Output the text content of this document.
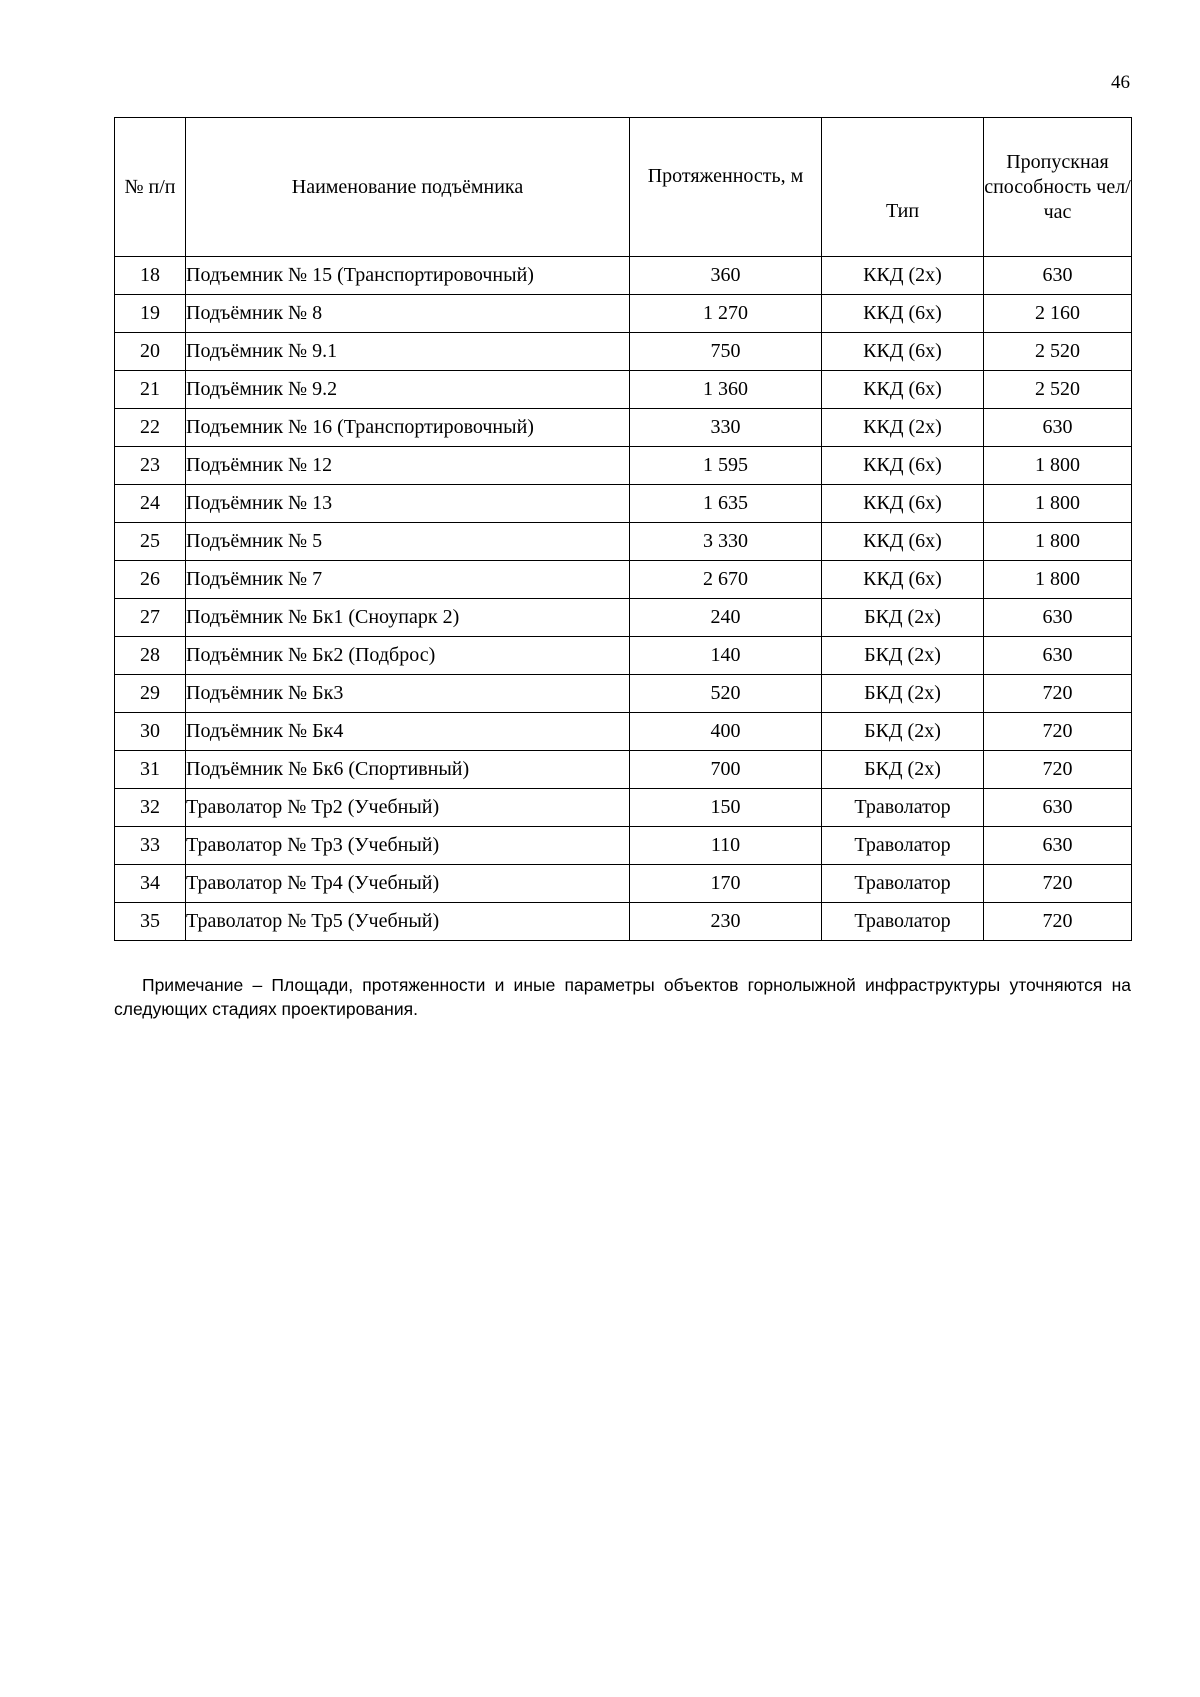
46
№ п/п	Наименование подъёмника	Протяженность, м	Тип	Пропускная способность чел/час
18	Подъемник № 15 (Транспортировочный)	360	ККД (2х)	630
19	Подъёмник № 8	1 270	ККД (6х)	2 160
20	Подъёмник № 9.1	750	ККД (6х)	2 520
21	Подъёмник № 9.2	1 360	ККД (6х)	2 520
22	Подъемник № 16 (Транспортировочный)	330	ККД (2х)	630
23	Подъёмник № 12	1 595	ККД (6х)	1 800
24	Подъёмник № 13	1 635	ККД (6х)	1 800
25	Подъёмник № 5	3 330	ККД (6х)	1 800
26	Подъёмник № 7	2 670	ККД (6х)	1 800
27	Подъёмник № Бк1 (Сноупарк 2)	240	БКД (2х)	630
28	Подъёмник № Бк2 (Подброс)	140	БКД (2х)	630
29	Подъёмник № Бк3	520	БКД (2х)	720
30	Подъёмник № Бк4	400	БКД (2х)	720
31	Подъёмник № Бк6 (Спортивный)	700	БКД (2х)	720
32	Траволатор № Тр2 (Учебный)	150	Траволатор	630
33	Траволатор № Тр3 (Учебный)	110	Траволатор	630
34	Траволатор № Тр4 (Учебный)	170	Траволатор	720
35	Траволатор № Тр5 (Учебный)	230	Траволатор	720
Примечание – Площади, протяженности и иные параметры объектов горнолыжной инфраструктуры уточняются на следующих стадиях проектирования.
